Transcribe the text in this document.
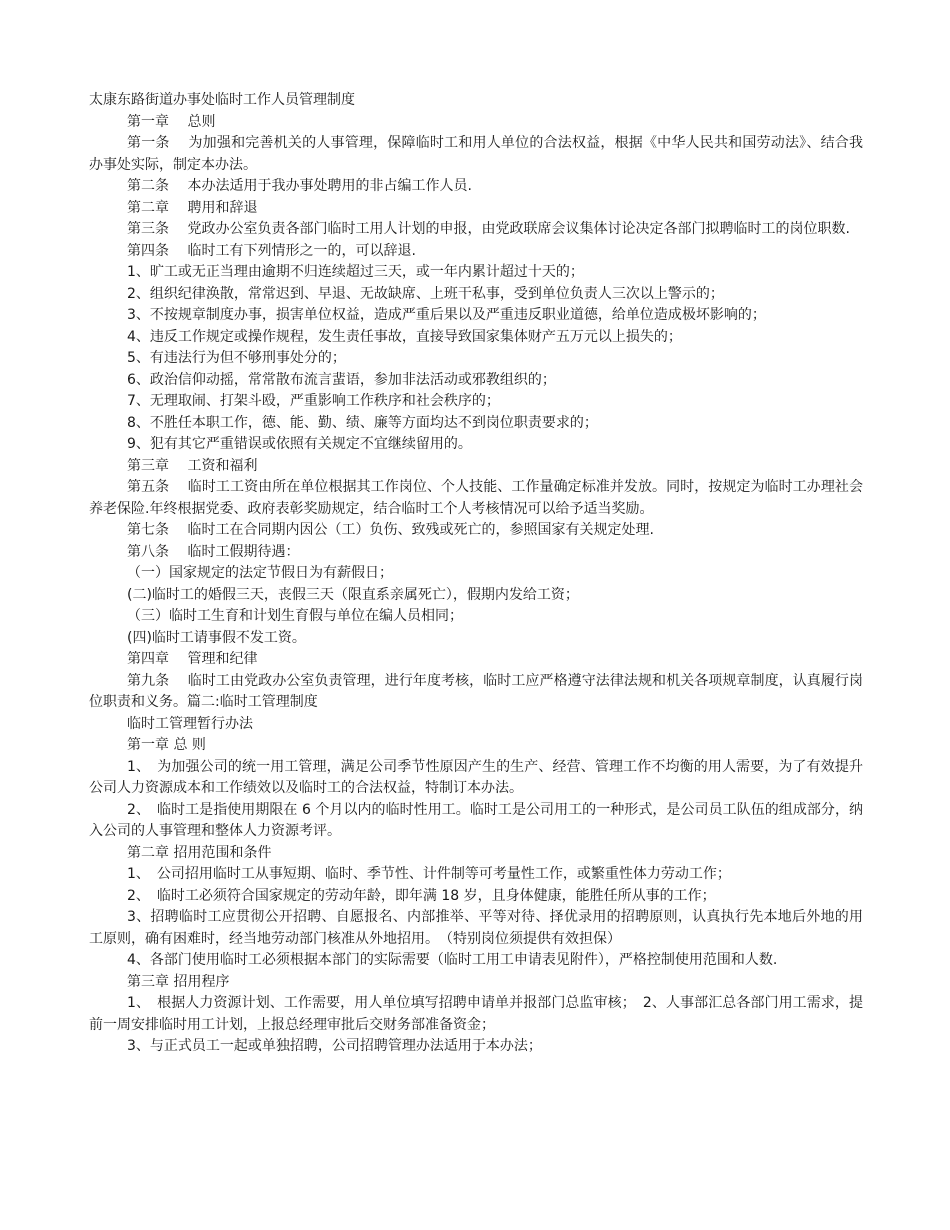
太康东路街道办事处临时工作人员管理制度

第一章　 总则

第一条　 为加强和完善机关的人事管理，保障临时工和用人单位的合法权益，根据《中华人民共和国劳动法》、结合我办事处实际，制定本办法。

第二条　 本办法适用于我办事处聘用的非占编工作人员.

第二章　 聘用和辞退

第三条　 党政办公室负责各部门临时工用人计划的申报，由党政联席会议集体讨论决定各部门拟聘临时工的岗位职数.

第四条　 临时工有下列情形之一的，可以辞退.

1、旷工或无正当理由逾期不归连续超过三天，或一年内累计超过十天的；

2、组织纪律涣散，常常迟到、早退、无故缺席、上班干私事，受到单位负责人三次以上警示的；

3、不按规章制度办事，损害单位权益，造成严重后果以及严重违反职业道德，给单位造成极坏影响的；

4、违反工作规定或操作规程，发生责任事故，直接导致国家集体财产五万元以上损失的；

5、有违法行为但不够刑事处分的；

6、政治信仰动摇，常常散布流言蜚语，参加非法活动或邪教组织的；

7、无理取闹、打架斗殴，严重影响工作秩序和社会秩序的；

8、不胜任本职工作，德、能、勤、绩、廉等方面均达不到岗位职责要求的；

9、犯有其它严重错误或依照有关规定不宜继续留用的。

第三章　 工资和福利

第五条　 临时工工资由所在单位根据其工作岗位、个人技能、工作量确定标准并发放。同时，按规定为临时工办理社会养老保险.年终根据党委、政府表彰奖励规定，结合临时工个人考核情况可以给予适当奖励。

第七条　 临时工在合同期内因公（工）负伤、致残或死亡的，参照国家有关规定处理.

第八条　 临时工假期待遇：

（一）国家规定的法定节假日为有薪假日；

(二)临时工的婚假三天，丧假三天（限直系亲属死亡），假期内发给工资；

（三）临时工生育和计划生育假与单位在编人员相同；

(四)临时工请事假不发工资。

第四章　 管理和纪律

第九条　 临时工由党政办公室负责管理，进行年度考核，临时工应严格遵守法律法规和机关各项规章制度，认真履行岗位职责和义务。篇二:临时工管理制度

临时工管理暂行办法

第一章 总 则

1、　为加强公司的统一用工管理，满足公司季节性原因产生的生产、经营、管理工作不均衡的用人需要，为了有效提升公司人力资源成本和工作绩效以及临时工的合法权益，特制订本办法。

2、　临时工是指使用期限在 6 个月以内的临时性用工。临时工是公司用工的一种形式，是公司员工队伍的组成部分，纳入公司的人事管理和整体人力资源考评。

第二章 招用范围和条件

1、　公司招用临时工从事短期、临时、季节性、计件制等可考量性工作，或繁重性体力劳动工作；

2、　临时工必须符合国家规定的劳动年龄，即年满 18 岁，且身体健康，能胜任所从事的工作；

3、招聘临时工应贯彻公开招聘、自愿报名、内部推举、平等对待、择优录用的招聘原则，认真执行先本地后外地的用工原则，确有困难时，经当地劳动部门核准从外地招用。　（特别岗位须提供有效担保）

4、各部门使用临时工必须根据本部门的实际需要（临时工用工申请表见附件），严格控制使用范围和人数.

第三章 招用程序

1、　根据人力资源计划、工作需要，用人单位填写招聘申请单并报部门总监审核；　2、人事部汇总各部门用工需求，提前一周安排临时用工计划，上报总经理审批后交财务部准备资金；

3、与正式员工一起或单独招聘，公司招聘管理办法适用于本办法；
